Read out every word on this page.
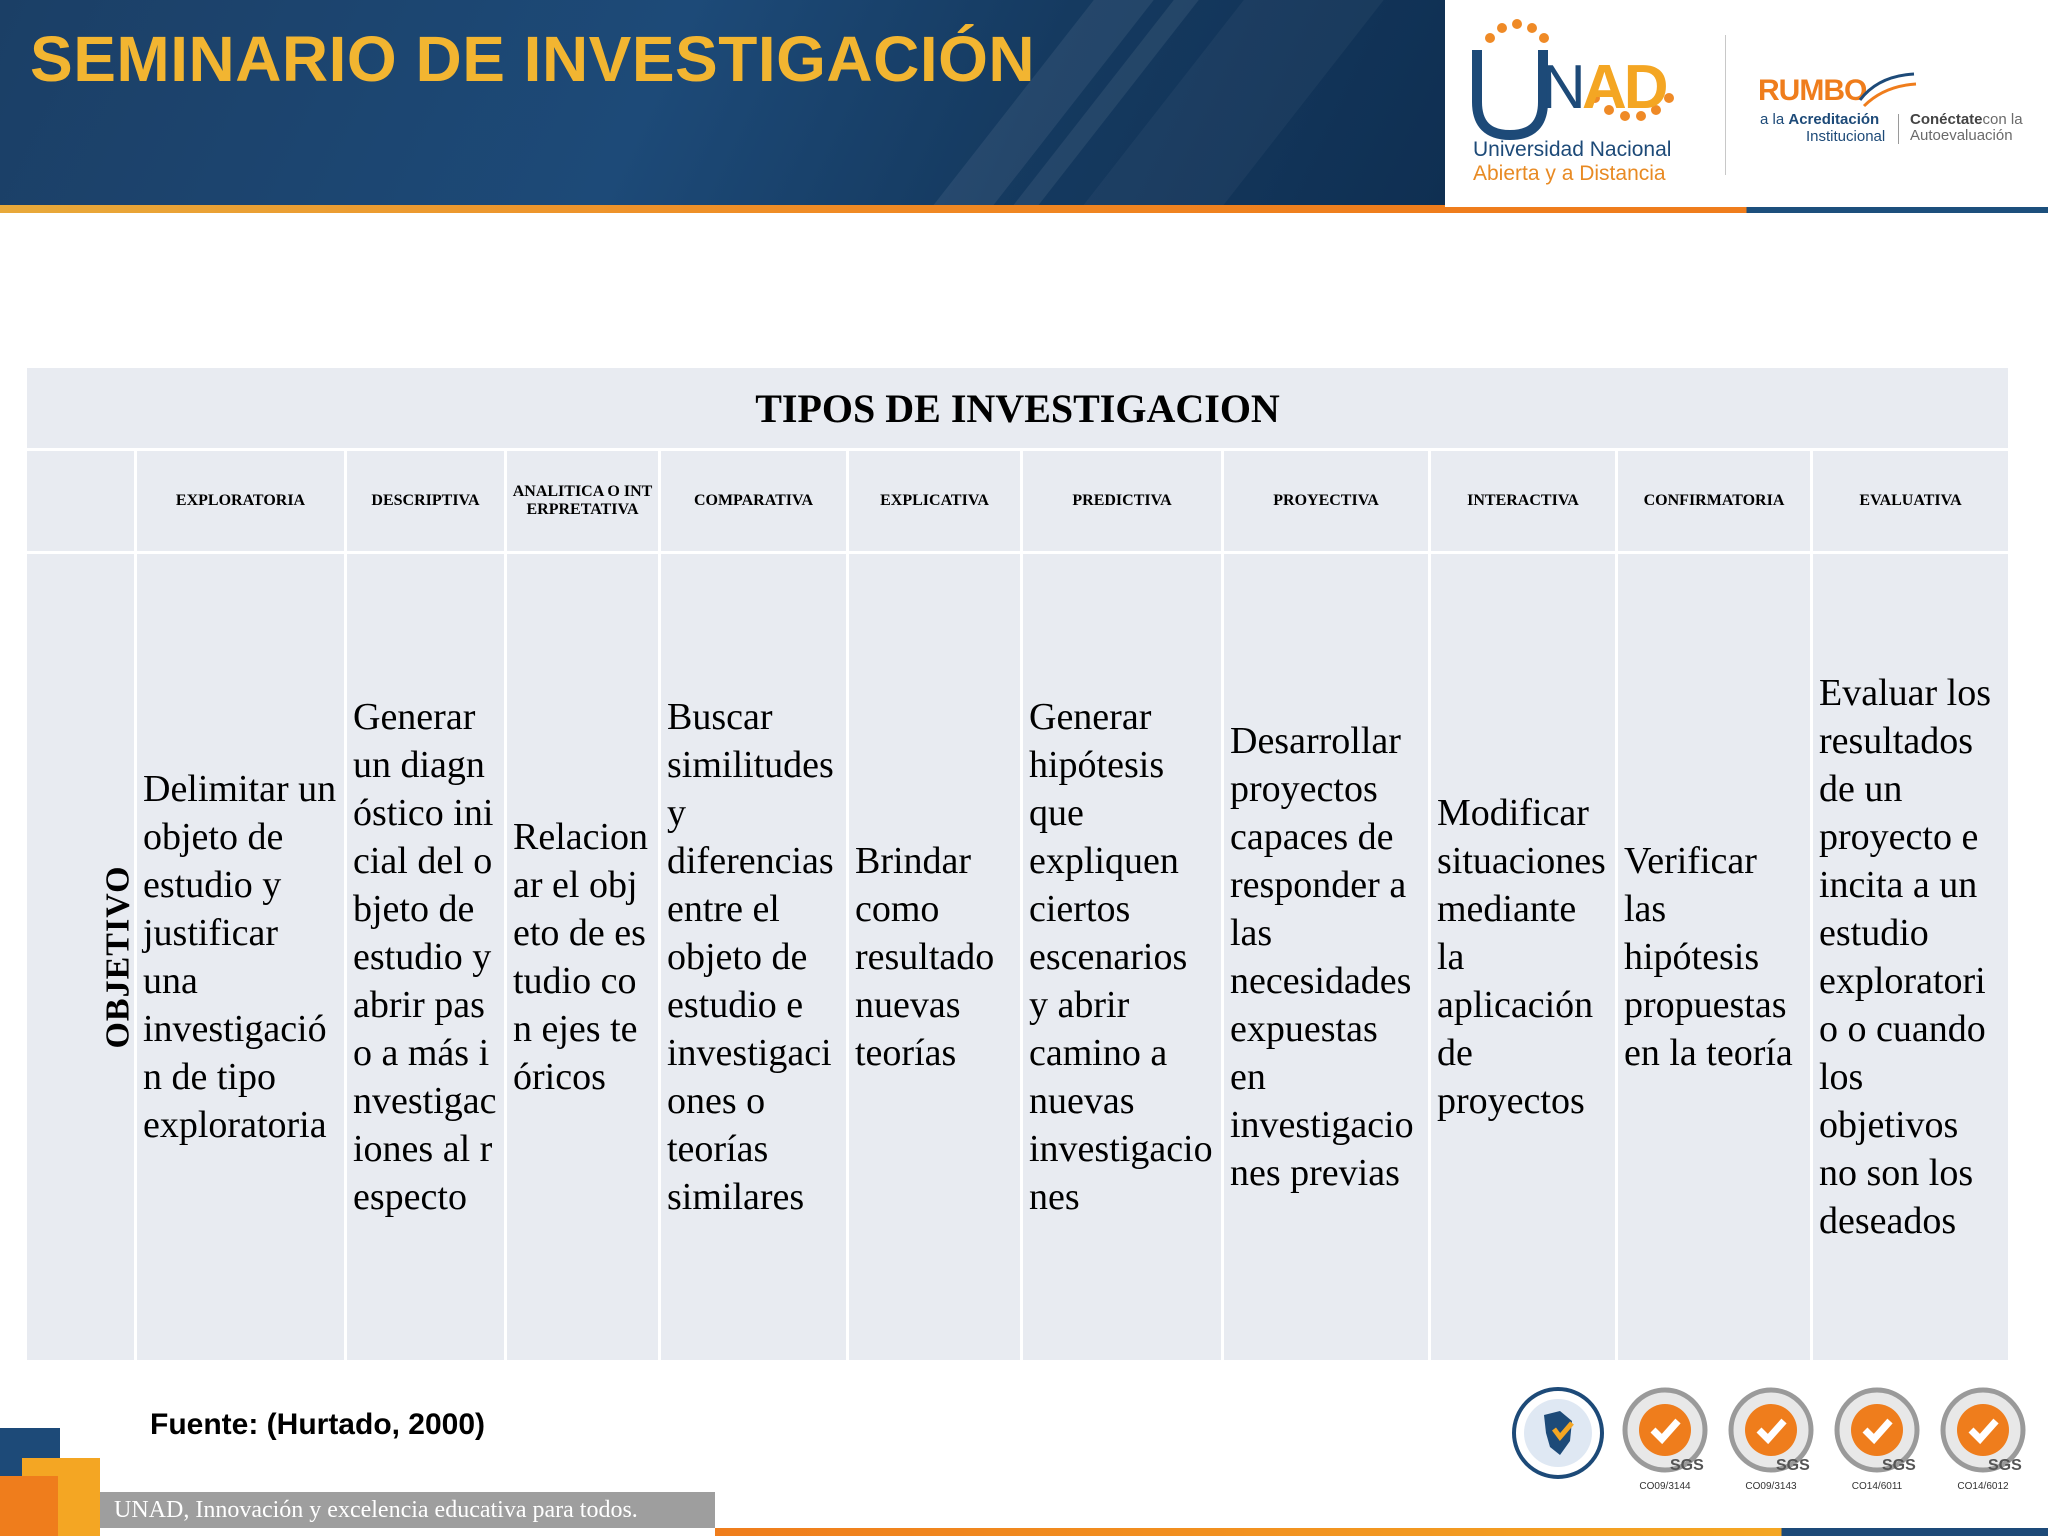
SEMINARIO DE INVESTIGACIÓN	N
AD
Universidad Nacional
Abierta y a Distancia
RUMBO
a la Acreditación
Institucional
Conéctatecon la
Autoevaluación
TIPOS DE INVESTIGACION										
	EXPLORATORIA	DESCRIPTIVA	ANALITICA O INTERPRETATIVA	COMPARATIVA	EXPLICATIVA	PREDICTIVA	PROYECTIVA	INTERACTIVA	CONFIRMATORIA	EVALUATIVA
OBJETIVO	Delimitar un objeto de estudio y justificar una investigación de tipo exploratoria	Generar un diagnóstico inicial del objeto de estudio y abrir paso a más investigaciones al respecto	Relacionar el objeto de estudio con ejes teóricos	Buscar similitudes y diferencias entre el objeto de estudio e investigaciones o teorías similares	Brindar como resultado nuevas teorías	Generar hipótesis que expliquen ciertos escenarios y abrir camino a nuevas investigaciones	Desarrollar proyectos capaces de responder a las necesidades expuestas en investigaciones previas	Modificar situaciones mediante la aplicación de proyectos	Verificar las hipótesis propuestas en la teoría	Evaluar los resultados de un proyecto e incita a un estudio exploratorio o cuando los objetivos no son los deseados
Fuente: (Hurtado, 2000)
UNAD, Innovación y excelencia educativa para todos.
SGS
CO09/3144
SGS
CO09/3143
SGS
CO14/6011
SGS
CO14/6012
